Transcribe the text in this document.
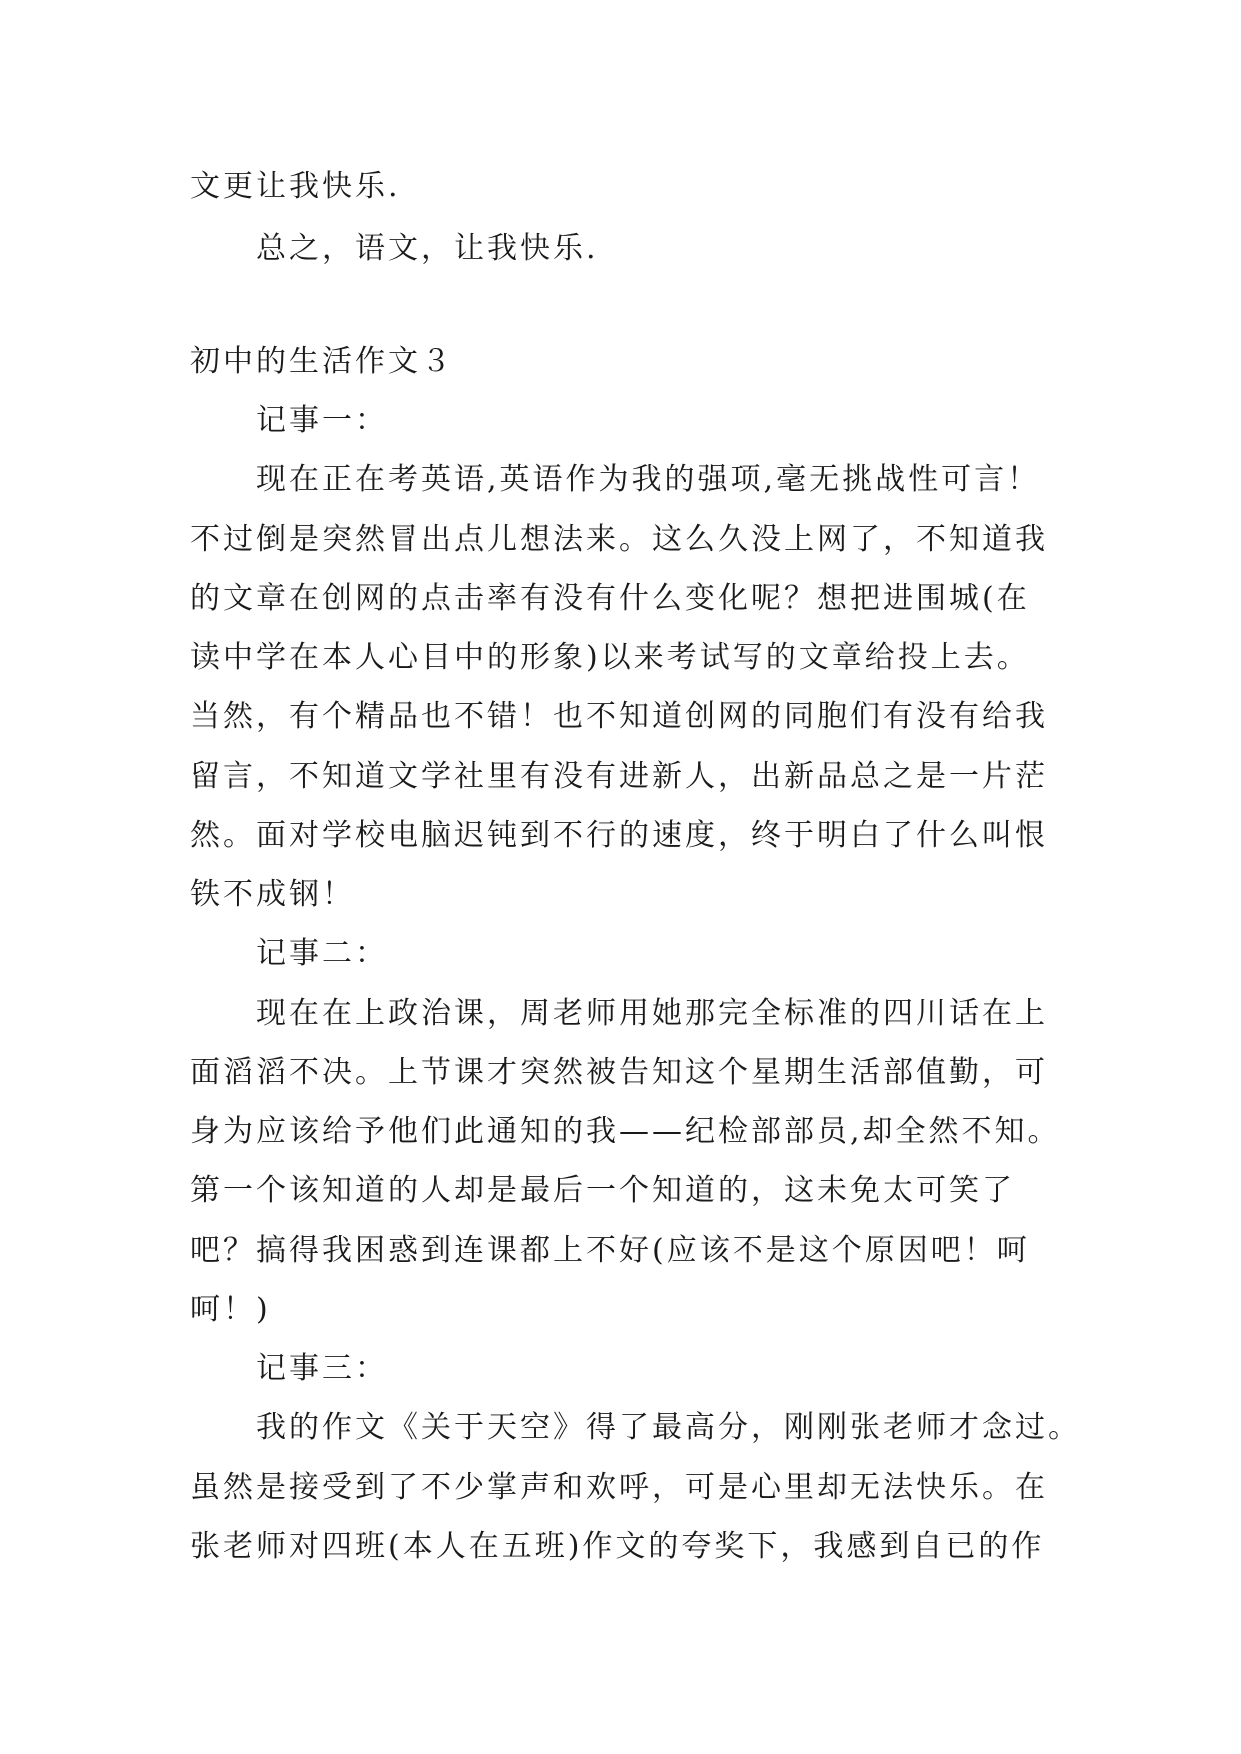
文更让我快乐.
总之，语文，让我快乐.
初中的生活作文３
记事一：
现在正在考英语,英语作为我的强项,毫无挑战性可言！
不过倒是突然冒出点儿想法来。这么久没上网了，不知道我
的文章在创网的点击率有没有什么变化呢？想把进围城(在
读中学在本人心目中的形象)以来考试写的文章给投上去。
当然，有个精品也不错！也不知道创网的同胞们有没有给我
留言，不知道文学社里有没有进新人，出新品总之是一片茫
然。面对学校电脑迟钝到不行的速度，终于明白了什么叫恨
铁不成钢！
记事二：
现在在上政治课，周老师用她那完全标准的四川话在上
面滔滔不决。上节课才突然被告知这个星期生活部值勤，可
身为应该给予他们此通知的我——纪检部部员,却全然不知。
第一个该知道的人却是最后一个知道的，这未免太可笑了
吧？搞得我困惑到连课都上不好(应该不是这个原因吧！呵
呵！)
记事三：
我的作文《关于天空》得了最高分，刚刚张老师才念过。
虽然是接受到了不少掌声和欢呼，可是心里却无法快乐。在
张老师对四班(本人在五班)作文的夸奖下，我感到自已的作
